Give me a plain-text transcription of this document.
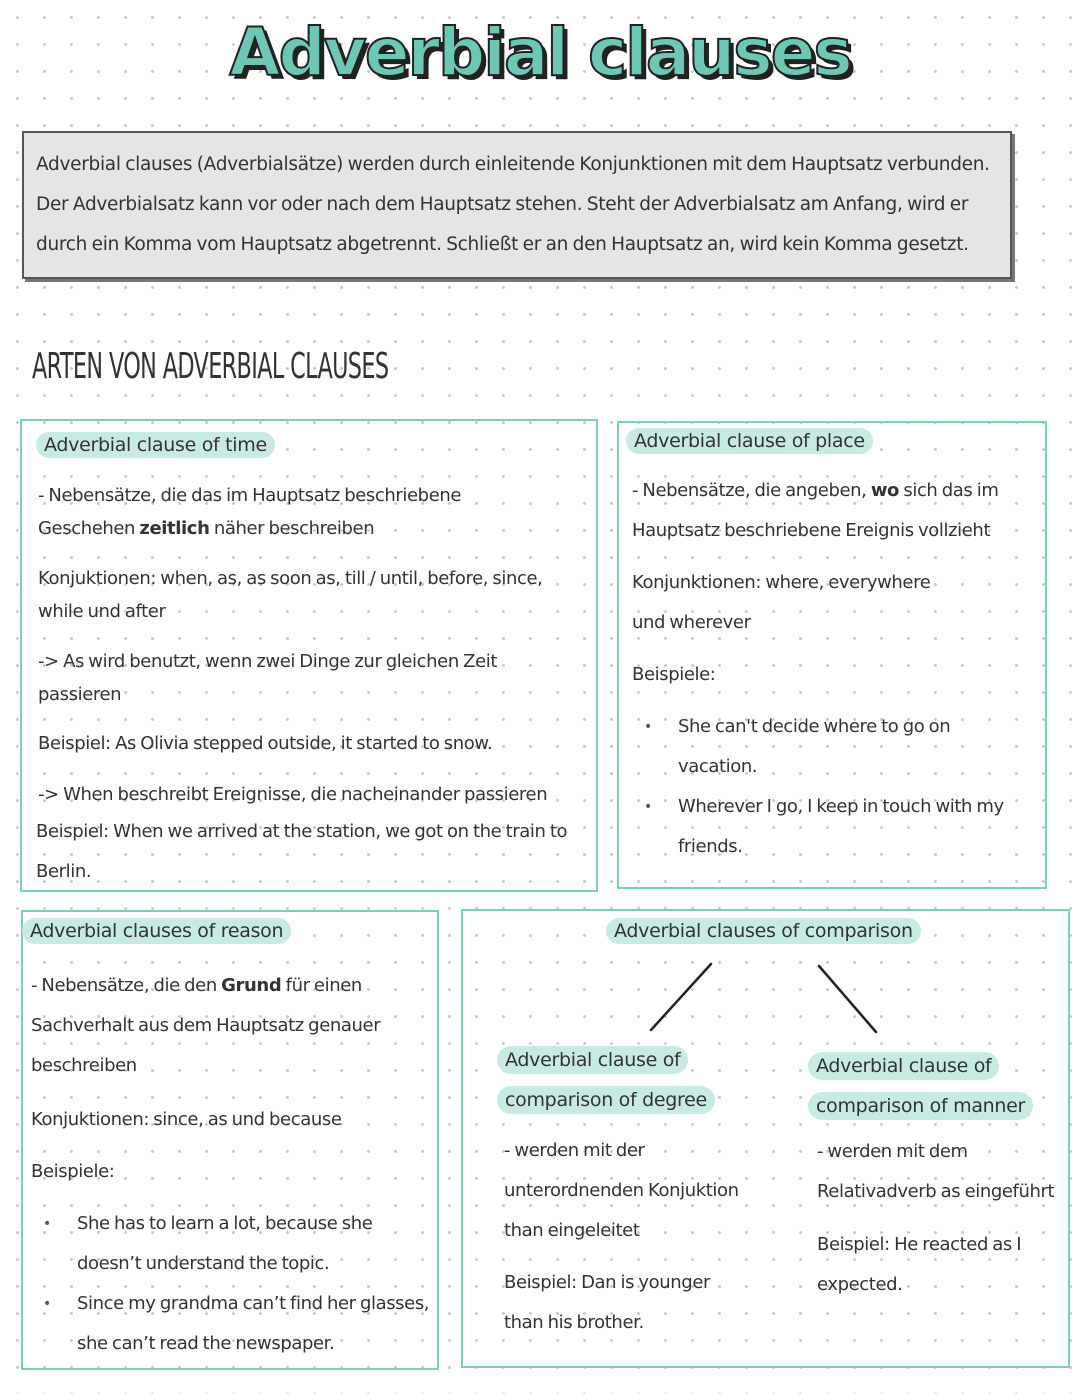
Adverbial clauses

Adverbial clauses (Adverbialsätze) werden durch einleitende Konjunktionen mit dem Hauptsatz verbunden.

Der Adverbialsatz kann vor oder nach dem Hauptsatz stehen. Steht der Adverbialsatz am Anfang, wird er

durch ein Komma vom Hauptsatz abgetrennt. Schließt er an den Hauptsatz an, wird kein Komma gesetzt.

ARTEN VON ADVERBIAL CLAUSES
Adverbial clause of time

- Nebensätze, die das im Hauptsatz beschriebene Geschehen zeitlich näher beschreiben

Konjuktionen: when, as, as soon as, till / until, before, since, while und after

-> As wird benutzt, wenn zwei Dinge zur gleichen Zeit passieren

Beispiel: As Olivia stepped outside, it started to snow.

-> When beschreibt Ereignisse, die nacheinander passieren

Beispiel: When we arrived at the station, we got on the train to Berlin.

Adverbial clause of place

- Nebensätze, die angeben, wo sich das im Hauptsatz beschriebene Ereignis vollzieht

Konjunktionen: where, everywhere und wherever

Beispiele:

• She can't decide where to go on vacation.
• Wherever I go, I keep in touch with my friends.
Adverbial clauses of reason

- Nebensätze, die den Grund für einen Sachverhalt aus dem Hauptsatz genauer beschreiben

Konjuktionen: since, as und because

Beispiele:

• She has to learn a lot, because she doesn’t understand the topic.
• Since my grandma can’t find her glasses, she can’t read the newspaper.
Adverbial clauses of comparison
Adverbial clause of
comparison of degree

- werden mit der unterordnenden Konjuktion than eingeleitet

Beispiel: Dan is younger than his brother.

Adverbial clause of
comparison of manner

- werden mit dem Relativadverb as eingeführt

Beispiel: He reacted as I expected.
